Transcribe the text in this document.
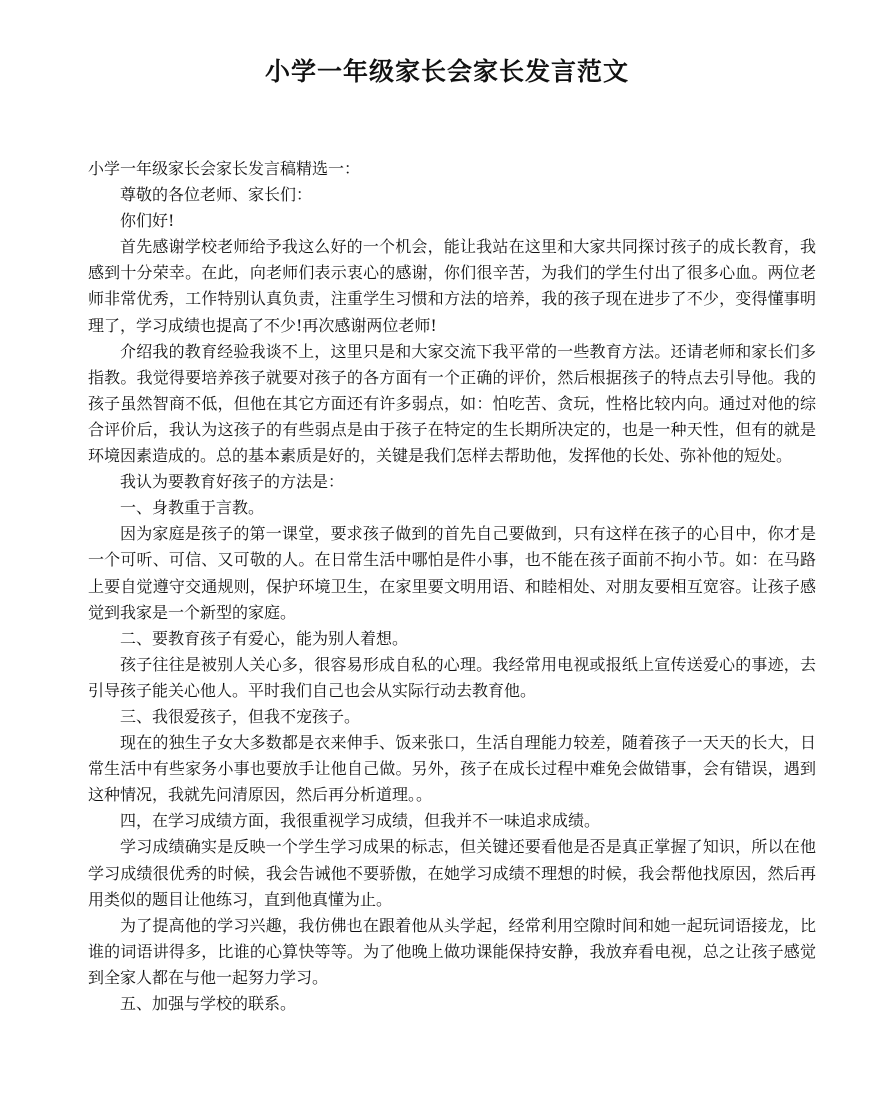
小学一年级家长会家长发言范文

小学一年级家长会家长发言稿精选一：

尊敬的各位老师、家长们：

你们好!

首先感谢学校老师给予我这么好的一个机会，能让我站在这里和大家共同探讨孩子的成长教育，我感到十分荣幸。在此，向老师们表示衷心的感谢，你们很辛苦，为我们的学生付出了很多心血。两位老师非常优秀，工作特别认真负责，注重学生习惯和方法的培养，我的孩子现在进步了不少，变得懂事明理了，学习成绩也提高了不少!再次感谢两位老师!

介绍我的教育经验我谈不上，这里只是和大家交流下我平常的一些教育方法。还请老师和家长们多指教。我觉得要培养孩子就要对孩子的各方面有一个正确的评价，然后根据孩子的特点去引导他。我的孩子虽然智商不低，但他在其它方面还有许多弱点，如：怕吃苦、贪玩，性格比较内向。通过对他的综合评价后，我认为这孩子的有些弱点是由于孩子在特定的生长期所决定的，也是一种天性，但有的就是环境因素造成的。总的基本素质是好的，关键是我们怎样去帮助他，发挥他的长处、弥补他的短处。

我认为要教育好孩子的方法是：

一、身教重于言教。

因为家庭是孩子的第一课堂，要求孩子做到的首先自己要做到，只有这样在孩子的心目中，你才是一个可听、可信、又可敬的人。在日常生活中哪怕是件小事，也不能在孩子面前不拘小节。如：在马路上要自觉遵守交通规则，保护环境卫生，在家里要文明用语、和睦相处、对朋友要相互宽容。让孩子感觉到我家是一个新型的家庭。

二、要教育孩子有爱心，能为别人着想。

孩子往往是被别人关心多，很容易形成自私的心理。我经常用电视或报纸上宣传送爱心的事迹，去引导孩子能关心他人。平时我们自己也会从实际行动去教育他。

三、我很爱孩子，但我不宠孩子。

现在的独生子女大多数都是衣来伸手、饭来张口，生活自理能力较差，随着孩子一天天的长大，日常生活中有些家务小事也要放手让他自己做。另外，孩子在成长过程中难免会做错事，会有错误，遇到这种情况，我就先问清原因，然后再分析道理。。

四，在学习成绩方面，我很重视学习成绩，但我并不一味追求成绩。

学习成绩确实是反映一个学生学习成果的标志，但关键还要看他是否是真正掌握了知识，所以在他学习成绩很优秀的时候，我会告诫他不要骄傲，在她学习成绩不理想的时候，我会帮他找原因，然后再用类似的题目让他练习，直到他真懂为止。

为了提高他的学习兴趣，我仿佛也在跟着他从头学起，经常利用空隙时间和她一起玩词语接龙，比谁的词语讲得多，比谁的心算快等等。为了他晚上做功课能保持安静，我放弃看电视，总之让孩子感觉到全家人都在与他一起努力学习。

五、加强与学校的联系。
